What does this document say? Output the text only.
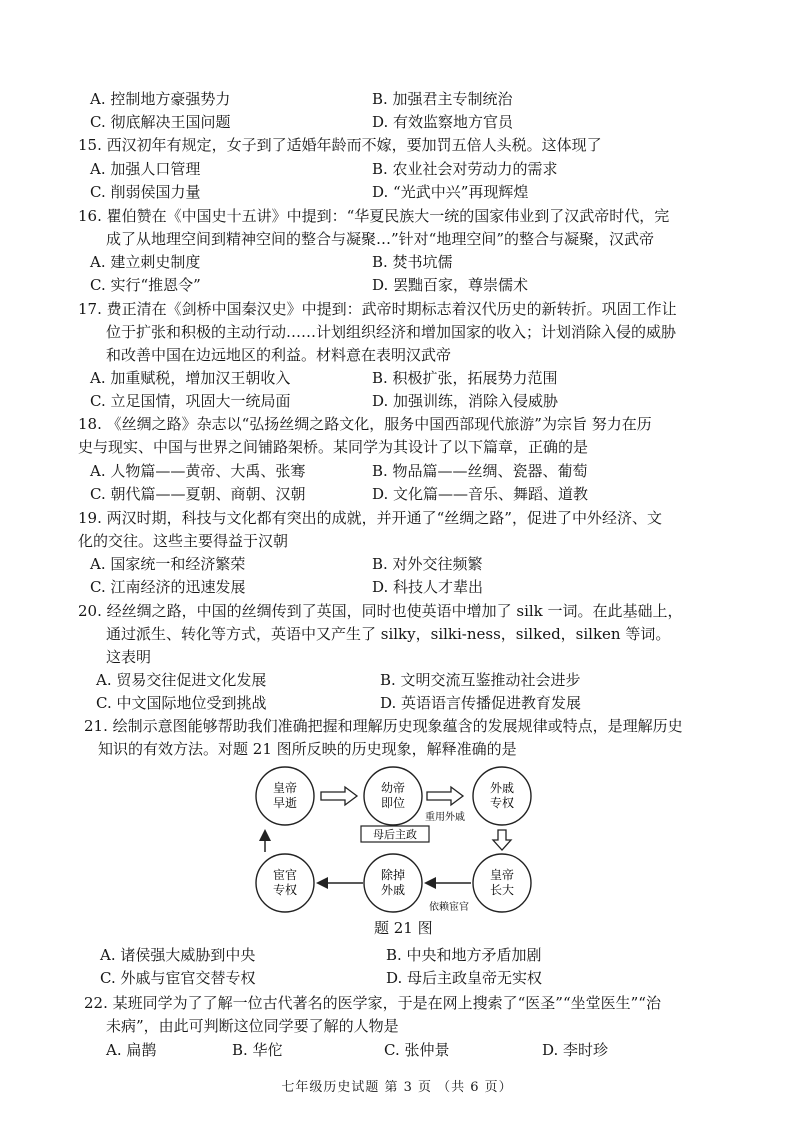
A. 控制地方豪强势力	B. 加强君主专制统治
C. 彻底解决王国问题	D. 有效监察地方官员
15. 西汉初年有规定，女子到了适婚年龄而不嫁，要加罚五倍人头税。这体现了
A. 加强人口管理	B. 农业社会对劳动力的需求
C. 削弱侯国力量	D. “光武中兴”再现辉煌
16. 瞿伯赞在《中国史十五讲》中提到：“华夏民族大一统的国家伟业到了汉武帝时代，完
成了从地理空间到精神空间的整合与凝聚…”针对“地理空间”的整合与凝聚，汉武帝
A. 建立刺史制度	B. 焚书坑儒
C. 实行“推恩令”	D. 罢黜百家，尊崇儒术
17. 费正清在《剑桥中国秦汉史》中提到：武帝时期标志着汉代历史的新转折。巩固工作让
位于扩张和积极的主动行动……计划组织经济和增加国家的收入；计划消除入侵的威胁
和改善中国在边远地区的利益。材料意在表明汉武帝
A. 加重赋税，增加汉王朝收入	B. 积极扩张，拓展势力范围
C. 立足国情，巩固大一统局面	D. 加强训练，消除入侵威胁
18. 《丝绸之路》杂志以“弘扬丝绸之路文化，服务中国西部现代旅游”为宗旨 努力在历
史与现实、中国与世界之间铺路架桥。某同学为其设计了以下篇章，正确的是
A. 人物篇——黄帝、大禹、张骞	B. 物品篇——丝绸、瓷器、葡萄
C. 朝代篇——夏朝、商朝、汉朝	D. 文化篇——音乐、舞蹈、道教
19. 两汉时期，科技与文化都有突出的成就，并开通了“丝绸之路”，促进了中外经济、文
化的交往。这些主要得益于汉朝
A. 国家统一和经济繁荣	B. 对外交往频繁
C. 江南经济的迅速发展	D. 科技人才辈出
20. 经丝绸之路，中国的丝绸传到了英国，同时也使英语中增加了 silk 一词。在此基础上，
通过派生、转化等方式，英语中又产生了 silky，silki-ness，silked，silken 等词。
这表明
A. 贸易交往促进文化发展	B. 文明交流互鉴推动社会进步
C. 中文国际地位受到挑战	D. 英语语言传播促进教育发展
21. 绘制示意图能够帮助我们准确把握和理解历史现象蕴含的发展规律或特点，是理解历史
知识的有效方法。对题 21 图所反映的历史现象，解释准确的是
皇帝
早逝
幼帝
即位
外戚
专权
宦官
专权
除掉
外戚
皇帝
长大
重用外戚
母后主政
依赖宦官
题 21 图
A. 诸侯强大威胁到中央	B. 中央和地方矛盾加剧
C. 外戚与宦官交替专权	D. 母后主政皇帝无实权
22. 某班同学为了了解一位古代著名的医学家，于是在网上搜索了“医圣”“坐堂医生”“治
未病”，由此可判断这位同学要了解的人物是
A. 扁鹊	B. 华佗	C. 张仲景	D. 李时珍
七年级历史试题 第 3 页 （共 6 页）
